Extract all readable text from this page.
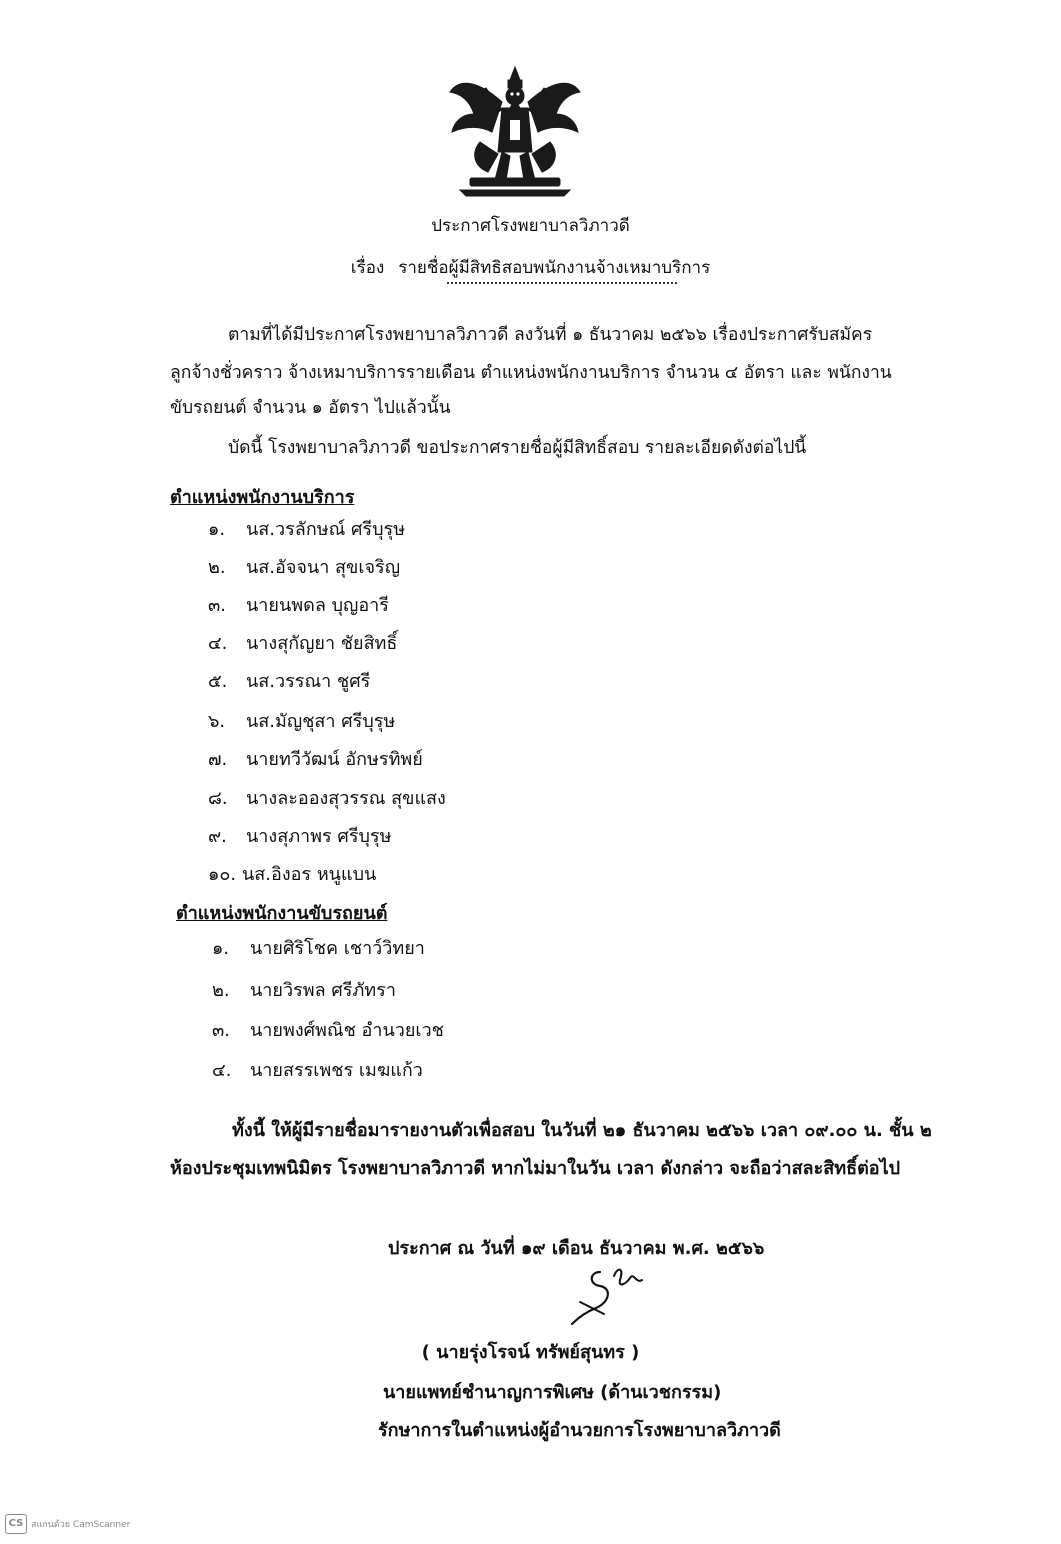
ประกาศโรงพยาบาลวิภาวดี
เรื่อง รายชื่อผู้มีสิทธิสอบพนักงานจ้างเหมาบริการ
ตามที่ได้มีประกาศโรงพยาบาลวิภาวดี ลงวันที่ ๑ ธันวาคม ๒๕๖๖ เรื่องประกาศรับสมัคร
ลูกจ้างชั่วคราว จ้างเหมาบริการรายเดือน ตำแหน่งพนักงานบริการ จำนวน ๔ อัตรา และ พนักงาน
ขับรถยนต์ จำนวน ๑ อัตรา ไปแล้วนั้น
บัดนี้ โรงพยาบาลวิภาวดี ขอประกาศรายชื่อผู้มีสิทธิ์สอบ รายละเอียดดังต่อไปนี้
ตำแหน่งพนักงานบริการ
๑. นส.วรลักษณ์ ศรีบุรุษ
๒. นส.อัจจนา สุขเจริญ
๓. นายนพดล บุญอารี
๔. นางสุกัญยา ชัยสิทธิ์
๕. นส.วรรณา ชูศรี
๖. นส.มัญชุสา ศรีบุรุษ
๗. นายทวีวัฒน์ อักษรทิพย์
๘. นางละอองสุวรรณ สุขแสง
๙. นางสุภาพร ศรีบุรุษ
๑๐. นส.อิงอร หนูแบน
ตำแหน่งพนักงานขับรถยนต์
๑. นายศิริโชค เชาว์วิทยา
๒. นายวิรพล ศรีภัทรา
๓. นายพงศ์พณิช อำนวยเวช
๔. นายสรรเพชร เมฆแก้ว
ทั้งนี้ ให้ผู้มีรายชื่อมารายงานตัวเพื่อสอบ ในวันที่ ๒๑ ธันวาคม ๒๕๖๖ เวลา ๐๙.๐๐ น. ชั้น ๒
ห้องประชุมเทพนิมิตร โรงพยาบาลวิภาวดี หากไม่มาในวัน เวลา ดังกล่าว จะถือว่าสละสิทธิ์ต่อไป
ประกาศ ณ วันที่ ๑๙ เดือน ธันวาคม พ.ศ. ๒๕๖๖
( นายรุ่งโรจน์ ทรัพย์สุนทร )
นายแพทย์ชำนาญการพิเศษ (ด้านเวชกรรม)
รักษาการในตำแหน่งผู้อำนวยการโรงพยาบาลวิภาวดี
CS สแกนด้วย CamScanner
